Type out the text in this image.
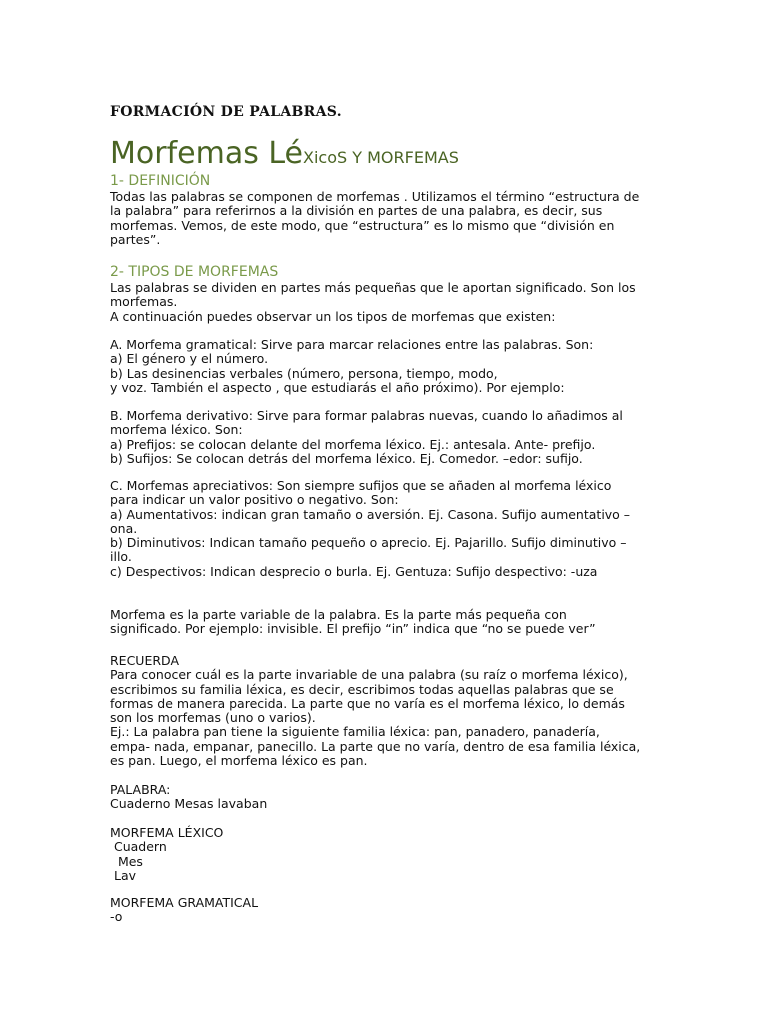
FORMACIÓN DE PALABRAS.
Morfemas LéXicoS Y MORFEMAS
1- DEFINICIÓN

Todas las palabras se componen de morfemas . Utilizamos el término “estructura de

la palabra” para referirnos a la división en partes de una palabra, es decir, sus

morfemas. Vemos, de este modo, que “estructura” es lo mismo que “división en

partes”.

2- TIPOS DE MORFEMAS

Las palabras se dividen en partes más pequeñas que le aportan significado. Son los

morfemas.

A continuación puedes observar un los tipos de morfemas que existen:

A. Morfema gramatical: Sirve para marcar relaciones entre las palabras. Son:

a) El género y el número.

b) Las desinencias verbales (número, persona, tiempo, modo,

y voz. También el aspecto , que estudiarás el año próximo). Por ejemplo:

B. Morfema derivativo: Sirve para formar palabras nuevas, cuando lo añadimos al

morfema léxico. Son:

a) Prefijos: se colocan delante del morfema léxico. Ej.: antesala. Ante- prefijo.

b) Sufijos: Se colocan detrás del morfema léxico. Ej. Comedor. –edor: sufijo.

C. Morfemas apreciativos: Son siempre sufijos que se añaden al morfema léxico

para indicar un valor positivo o negativo. Son:

a) Aumentativos: indican gran tamaño o aversión. Ej. Casona. Sufijo aumentativo –

ona.

b) Diminutivos: Indican tamaño pequeño o aprecio. Ej. Pajarillo. Sufijo diminutivo –

illo.

c) Despectivos: Indican desprecio o burla. Ej. Gentuza: Sufijo despectivo: -uza

Morfema es la parte variable de la palabra. Es la parte más pequeña con

significado. Por ejemplo: invisible. El prefijo “in” indica que “no se puede ver”

RECUERDA

Para conocer cuál es la parte invariable de una palabra (su raíz o morfema léxico),

escribimos su familia léxica, es decir, escribimos todas aquellas palabras que se

formas de manera parecida. La parte que no varía es el morfema léxico, lo demás

son los morfemas (uno o varios).

Ej.: La palabra pan tiene la siguiente familia léxica: pan, panadero, panadería,

empa- nada, empanar, panecillo. La parte que no varía, dentro de esa familia léxica,

es pan. Luego, el morfema léxico es pan.

PALABRA:

Cuaderno Mesas lavaban

MORFEMA LÉXICO

Cuadern

Mes

Lav

MORFEMA GRAMATICAL

-o
